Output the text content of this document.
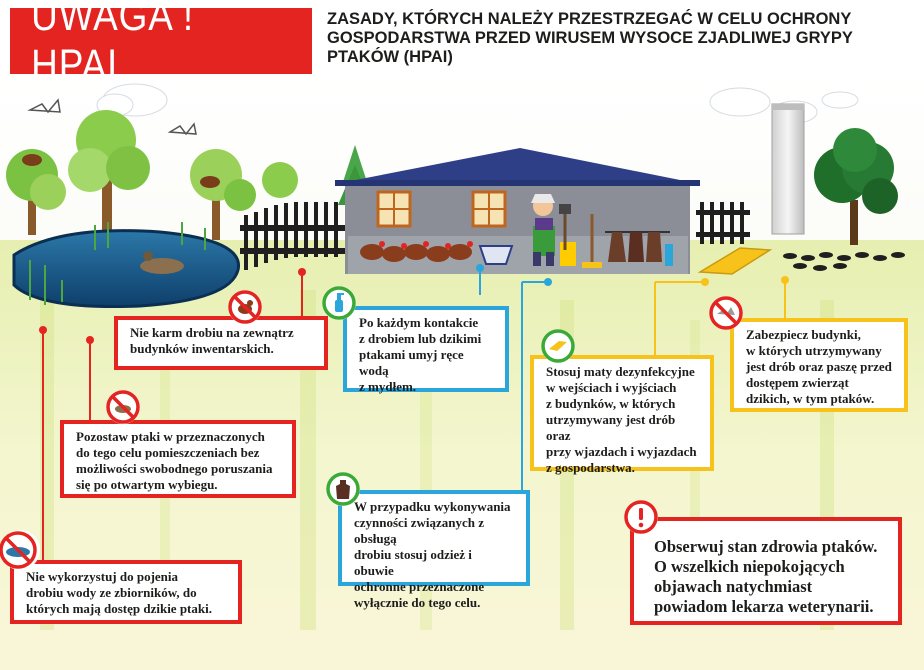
UWAGA ! HPAI
ZASADY, KTÓRYCH NALEŻY PRZESTRZEGAĆ W CELU OCHRONY GOSPODARSTWA PRZED WIRUSEM WYSOCE ZJADLIWEJ GRYPY PTAKÓW (HPAI)
Nie karm drobiu na zewnątrz
budynków inwentarskich.
Po każdym kontakcie
z drobiem lub dzikimi
ptakami umyj ręce wodą
z mydłem.
Zabezpiecz budynki,
w których utrzymywany
jest drób oraz paszę przed
dostępem zwierząt
dzikich, w tym ptaków.
Stosuj maty dezynfekcyjne
w wejściach i wyjściach
z budynków, w których
utrzymywany jest drób oraz
przy wjazdach i wyjazdach
z gospodarstwa.
Pozostaw ptaki w przeznaczonych
do tego celu pomieszczeniach bez
możliwości swobodnego poruszania
się po otwartym wybiegu.
W przypadku wykonywania
czynności związanych z obsługą
drobiu stosuj odzież i obuwie
ochronne przeznaczone
wyłącznie do tego celu.
Nie wykorzystuj do pojenia
drobiu wody ze zbiorników, do
których mają dostęp dzikie ptaki.
Obserwuj stan zdrowia ptaków.
O wszelkich niepokojących
objawach natychmiast
powiadom lekarza weterynarii.
